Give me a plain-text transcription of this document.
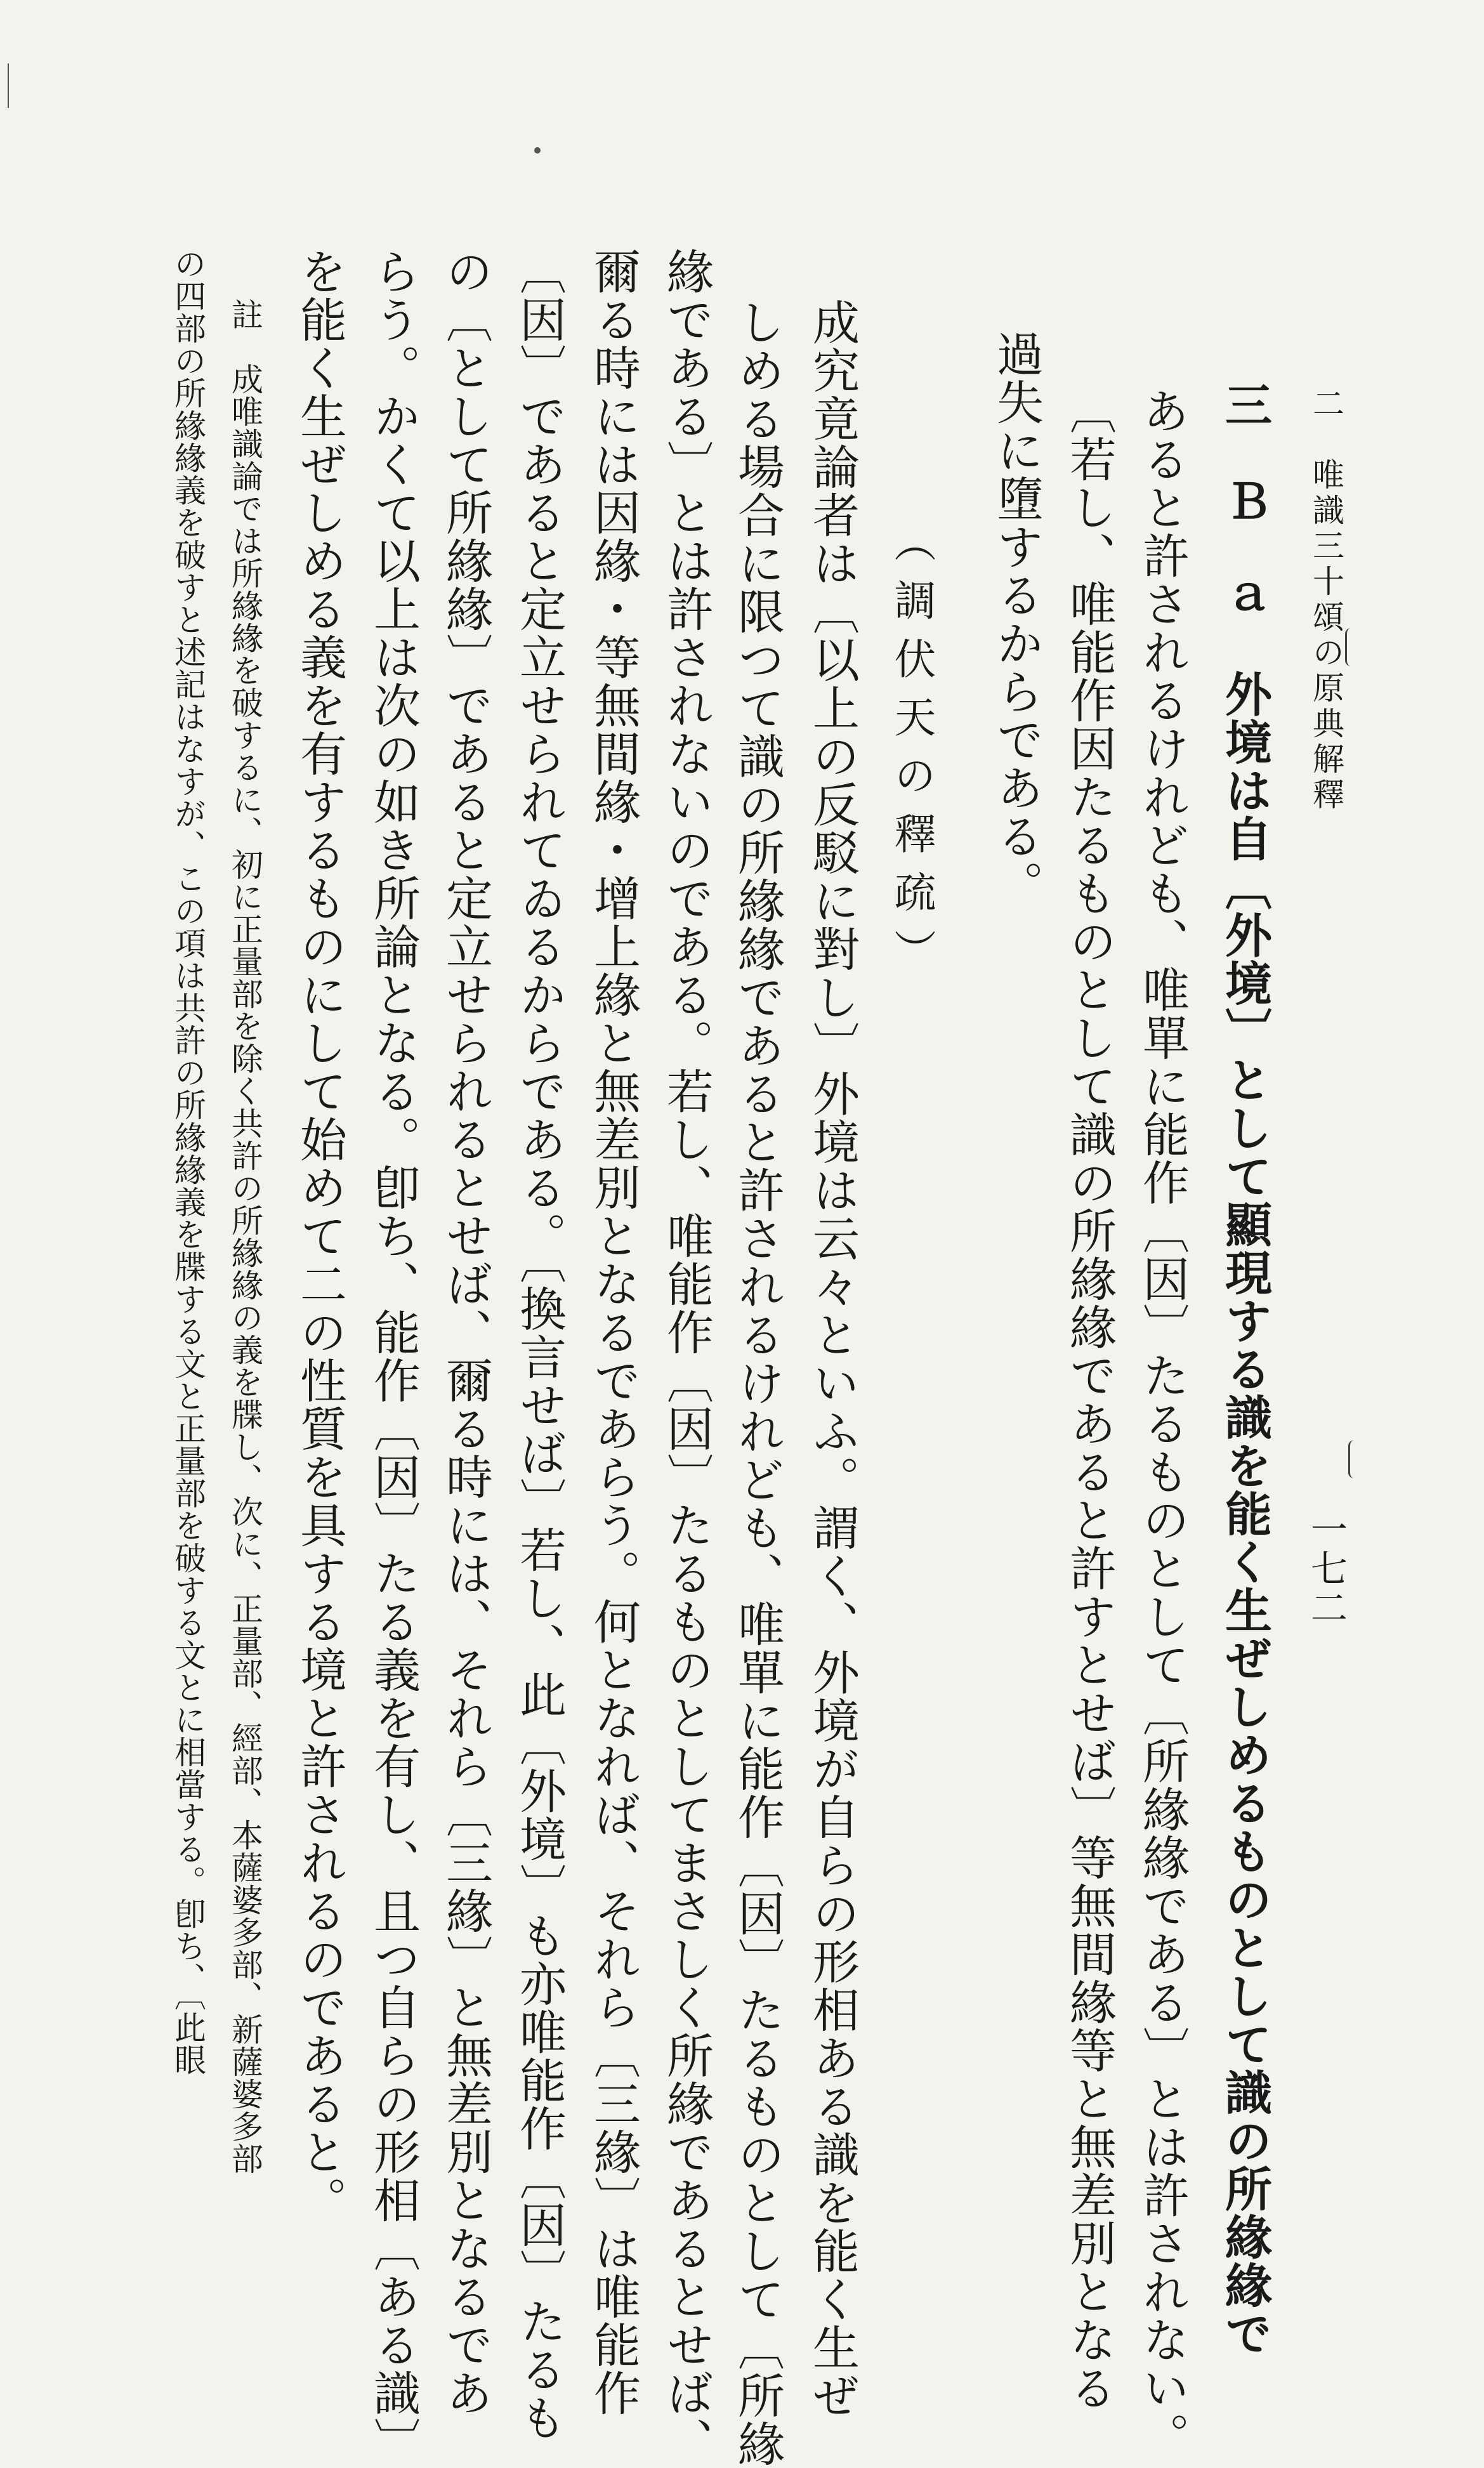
二　唯識三十頌の原典解釋
一七二
三　Ｂ　ａ　外境は自〔外境〕として顯現する識を能く生ぜしめるものとして識の所緣緣で
あると許されるけれども、唯單に能作〔因〕たるものとして〔所緣緣である〕とは許されない。
〔若し、唯能作因たるものとして識の所緣緣であると許すとせば〕等無間緣等と無差別となる
過失に墮するからである。
（調伏天の釋疏）
成究竟論者は〔以上の反駁に對し〕外境は云々といふ。謂く、外境が自らの形相ある識を能く生ぜ
しめる場合に限つて識の所緣緣であると許されるけれども、唯單に能作〔因〕たるものとして〔所緣
緣である〕とは許されないのである。若し、唯能作〔因〕たるものとしてまさしく所緣であるとせば、
爾る時には因緣・等無間緣・增上緣と無差別となるであらう。何となれば、それら〔三緣〕は唯能作
〔因〕であると定立せられてゐるからである。〔換言せば〕若し、此〔外境〕も亦唯能作〔因〕たるも
の〔として所緣緣〕であると定立せられるとせば、爾る時には、それら〔三緣〕と無差別となるであ
らう。かくて以上は次の如き所論となる。卽ち、能作〔因〕たる義を有し、且つ自らの形相〔ある識〕
を能く生ぜしめる義を有するものにして始めて二の性質を具する境と許されるのであると。
註　成唯識論では所緣緣を破するに、初に正量部を除く共許の所緣緣の義を牒し、次に、正量部、經部、本薩婆多部、新薩婆多部
の四部の所緣緣義を破すと述記はなすが、この項は共許の所緣緣義を牒する文と正量部を破する文とに相當する。卽ち、〔此眼
